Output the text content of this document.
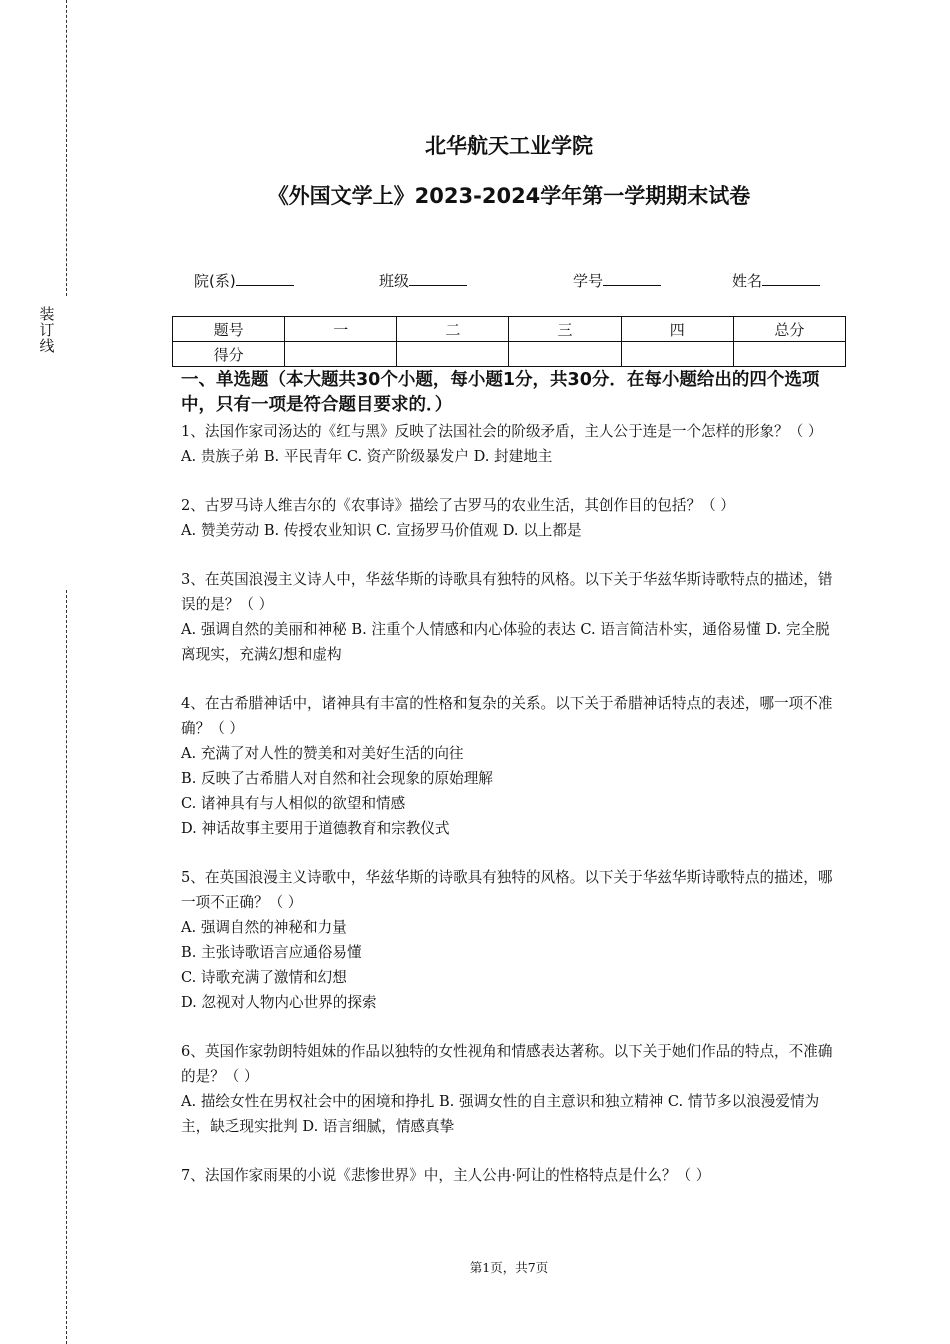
装
订
线
北华航天工业学院
《外国文学上》2023-2024学年第一学期期末试卷
院(系)	班级	学号	姓名
题号	一	二	三	四	总分
得分					
一、单选题（本大题共30个小题，每小题1分，共30分．在每小题给出的四个选项中，只有一项是符合题目要求的．）

1、法国作家司汤达的《红与黑》反映了法国社会的阶级矛盾，主人公于连是一个怎样的形象？（ ）

A. 贵族子弟 B. 平民青年 C. 资产阶级暴发户 D. 封建地主

2、古罗马诗人维吉尔的《农事诗》描绘了古罗马的农业生活，其创作目的包括？（ ）

A. 赞美劳动 B. 传授农业知识 C. 宣扬罗马价值观 D. 以上都是

3、在英国浪漫主义诗人中，华兹华斯的诗歌具有独特的风格。以下关于华兹华斯诗歌特点的描述，错误的是？（ ）

A. 强调自然的美丽和神秘 B. 注重个人情感和内心体验的表达 C. 语言简洁朴实，通俗易懂 D. 完全脱离现实，充满幻想和虚构

4、在古希腊神话中，诸神具有丰富的性格和复杂的关系。以下关于希腊神话特点的表述，哪一项不准确？（ ）

A. 充满了对人性的赞美和对美好生活的向往

B. 反映了古希腊人对自然和社会现象的原始理解

C. 诸神具有与人相似的欲望和情感

D. 神话故事主要用于道德教育和宗教仪式

5、在英国浪漫主义诗歌中，华兹华斯的诗歌具有独特的风格。以下关于华兹华斯诗歌特点的描述，哪一项不正确？（ ）

A. 强调自然的神秘和力量

B. 主张诗歌语言应通俗易懂

C. 诗歌充满了激情和幻想

D. 忽视对人物内心世界的探索

6、英国作家勃朗特姐妹的作品以独特的女性视角和情感表达著称。以下关于她们作品的特点，不准确的是？（ ）

A. 描绘女性在男权社会中的困境和挣扎 B. 强调女性的自主意识和独立精神 C. 情节多以浪漫爱情为主，缺乏现实批判 D. 语言细腻，情感真挚

7、法国作家雨果的小说《悲惨世界》中，主人公冉·阿让的性格特点是什么？（ ）

第1页，共7页
